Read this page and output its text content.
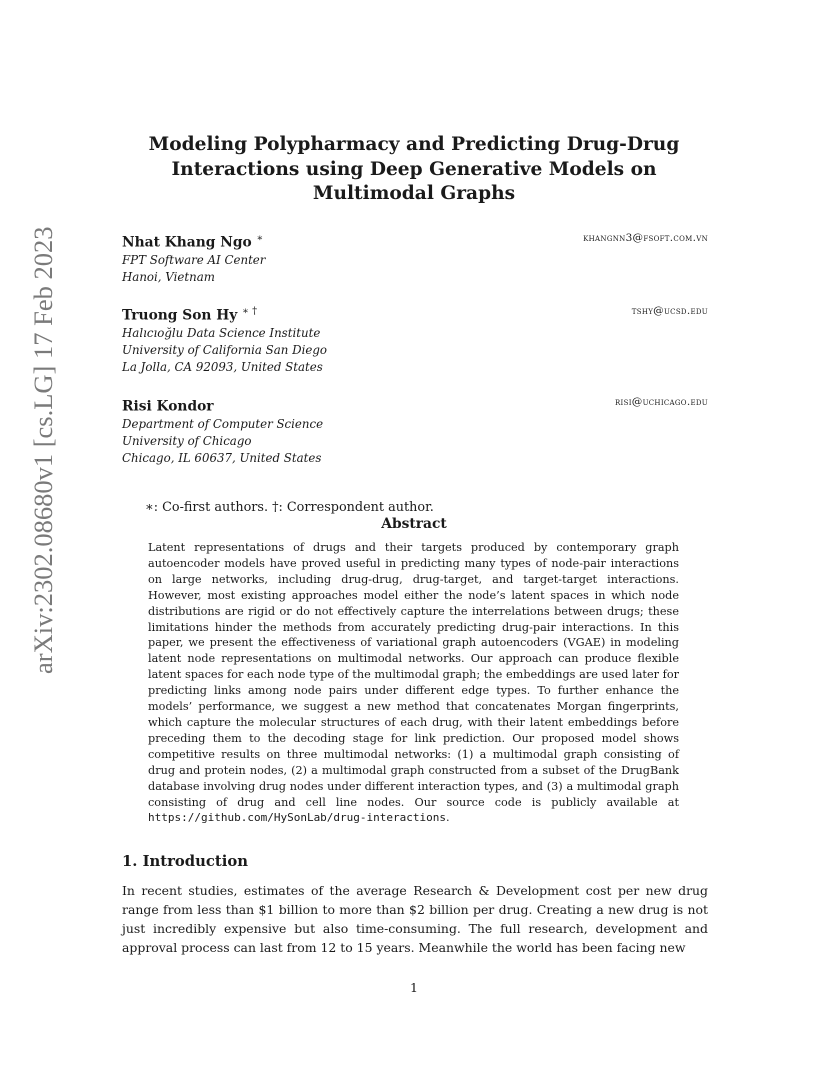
arXiv:2302.08680v1 [cs.LG] 17 Feb 2023
Modeling Polypharmacy and Predicting Drug-Drug Interactions using Deep Generative Models on Multimodal Graphs
Nhat Khang Ngo ∗	khangnn3@fsoft.com.vn
FPT Software AI Center
Hanoi, Vietnam
Truong Son Hy ∗ †	tshy@ucsd.edu
Halıcıoğlu Data Science Institute
University of California San Diego
La Jolla, CA 92093, United States
Risi Kondor	risi@uchicago.edu
Department of Computer Science
University of Chicago
Chicago, IL 60637, United States
∗: Co-first authors. †: Correspondent author.
Abstract
Latent representations of drugs and their targets produced by contemporary graph autoencoder models have proved useful in predicting many types of node-pair interactions on large networks, including drug-drug, drug-target, and target-target interactions. However, most existing approaches model either the node’s latent spaces in which node distributions are rigid or do not effectively capture the interrelations between drugs; these limitations hinder the methods from accurately predicting drug-pair interactions. In this paper, we present the effectiveness of variational graph autoencoders (VGAE) in modeling latent node representations on multimodal networks. Our approach can produce flexible latent spaces for each node type of the multimodal graph; the embeddings are used later for predicting links among node pairs under different edge types. To further enhance the models’ performance, we suggest a new method that concatenates Morgan fingerprints, which capture the molecular structures of each drug, with their latent embeddings before preceding them to the decoding stage for link prediction. Our proposed model shows competitive results on three multimodal networks: (1) a multimodal graph consisting of drug and protein nodes, (2) a multimodal graph constructed from a subset of the DrugBank database involving drug nodes under different interaction types, and (3) a multimodal graph consisting of drug and cell line nodes. Our source code is publicly available at https://github.com/HySonLab/drug-interactions.
1. Introduction
In recent studies, estimates of the average Research & Development cost per new drug range from less than $1 billion to more than $2 billion per drug. Creating a new drug is not just incredibly expensive but also time-consuming. The full research, development and approval process can last from 12 to 15 years. Meanwhile the world has been facing new
1
